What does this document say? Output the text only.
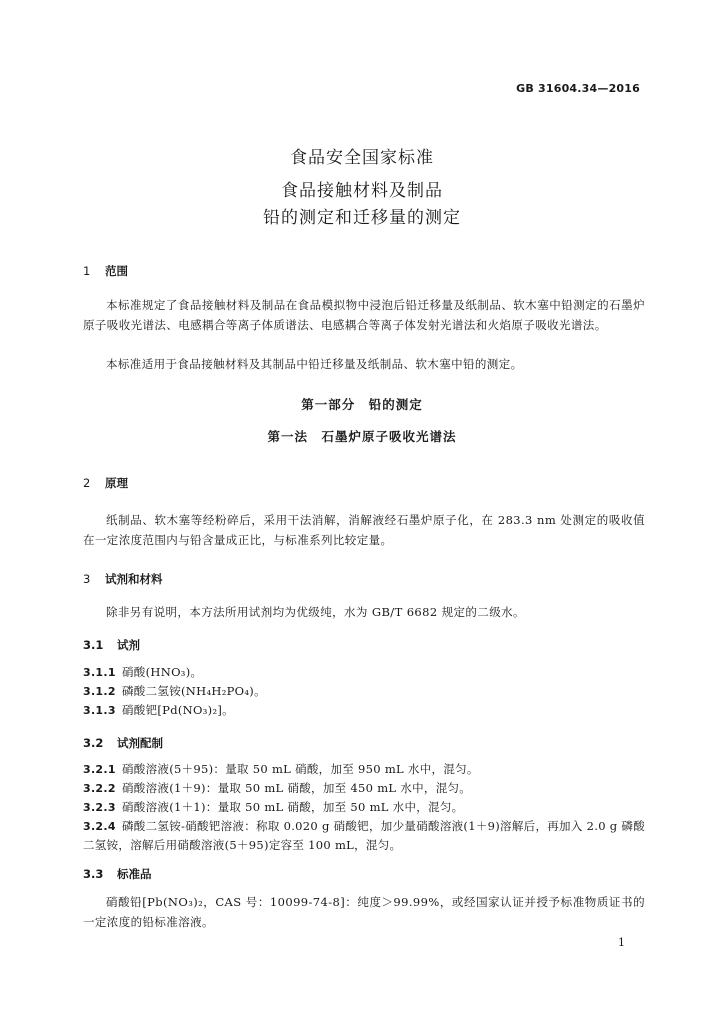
GB 31604.34—2016
食品安全国家标准
食品接触材料及制品
铅的测定和迁移量的测定
1 范围
本标准规定了食品接触材料及制品在食品模拟物中浸泡后铅迁移量及纸制品、软木塞中铅测定的石墨炉原子吸收光谱法、电感耦合等离子体质谱法、电感耦合等离子体发射光谱法和火焰原子吸收光谱法。
本标准适用于食品接触材料及其制品中铅迁移量及纸制品、软木塞中铅的测定。
第一部分　铅的测定
第一法　石墨炉原子吸收光谱法
2 原理
纸制品、软木塞等经粉碎后，采用干法消解，消解液经石墨炉原子化，在 283.3 nm 处测定的吸收值在一定浓度范围内与铅含量成正比，与标准系列比较定量。
3 试剂和材料
除非另有说明，本方法所用试剂均为优级纯，水为 GB/T 6682 规定的二级水。
3.1 试剂
3.1.1 硝酸(HNO₃)。
3.1.2 磷酸二氢铵(NH₄H₂PO₄)。
3.1.3 硝酸钯[Pd(NO₃)₂]。
3.2 试剂配制
3.2.1 硝酸溶液(5＋95)：量取 50 mL 硝酸，加至 950 mL 水中，混匀。
3.2.2 硝酸溶液(1＋9)：量取 50 mL 硝酸，加至 450 mL 水中，混匀。
3.2.3 硝酸溶液(1＋1)：量取 50 mL 硝酸，加至 50 mL 水中，混匀。
3.2.4 磷酸二氢铵-硝酸钯溶液：称取 0.020 g 硝酸钯，加少量硝酸溶液(1＋9)溶解后，再加入 2.0 g 磷酸二氢铵，溶解后用硝酸溶液(5＋95)定容至 100 mL，混匀。
3.3 标准品
硝酸铅[Pb(NO₃)₂，CAS 号：10099-74-8]：纯度＞99.99%，或经国家认证并授予标准物质证书的一定浓度的铅标准溶液。
1
